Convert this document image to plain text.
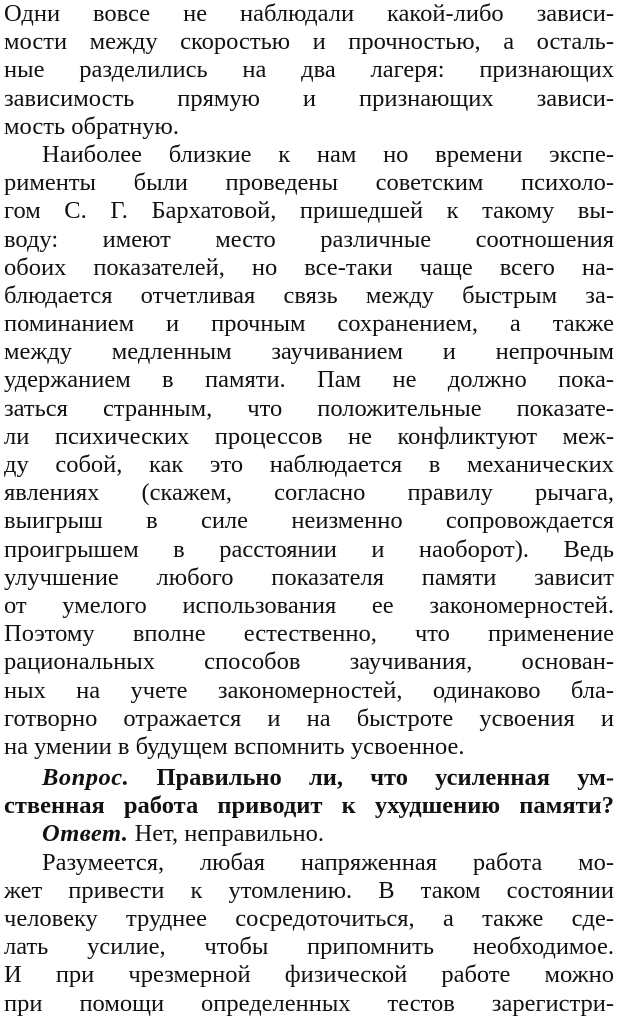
Одни вовсе не наблюдали какой-либо зависи-
мости между скоростью и прочностью, а осталь-
ные разделились на два лагеря: признающих
зависимость прямую и признающих зависи-
мость обратную.
Наиболее близкие к нам но времени экспе-
рименты были проведены советским психоло-
гом С. Г. Бархатовой, пришедшей к такому вы-
воду: имеют место различные соотношения
обоих показателей, но все-таки чаще всего на-
блюдается отчетливая связь между быстрым за-
поминанием и прочным сохранением, а также
между медленным заучиванием и непрочным
удержанием в памяти. Пам не должно пока-
заться странным, что положительные показате-
ли психических процессов не конфликтуют меж-
ду собой, как это наблюдается в механических
явлениях (скажем, согласно правилу рычага,
выигрыш в силе неизменно сопровождается
проигрышем в расстоянии и наоборот). Ведь
улучшение любого показателя памяти зависит
от умелого использования ее закономерностей.
Поэтому вполне естественно, что применение
рациональных способов заучивания, основан-
ных на учете закономерностей, одинаково бла-
готворно отражается и на быстроте усвоения и
на умении в будущем вспомнить усвоенное.
Вопрос. Правильно ли, что усиленная ум-
ственная работа приводит к ухудшению памяти?
Ответ. Нет, неправильно.
Разумеется, любая напряженная работа мо-
жет привести к утомлению. В таком состоянии
человеку труднее сосредоточиться, а также сде-
лать усилие, чтобы припомнить необходимое.
И при чрезмерной физической работе можно
при помощи определенных тестов зарегистри-
